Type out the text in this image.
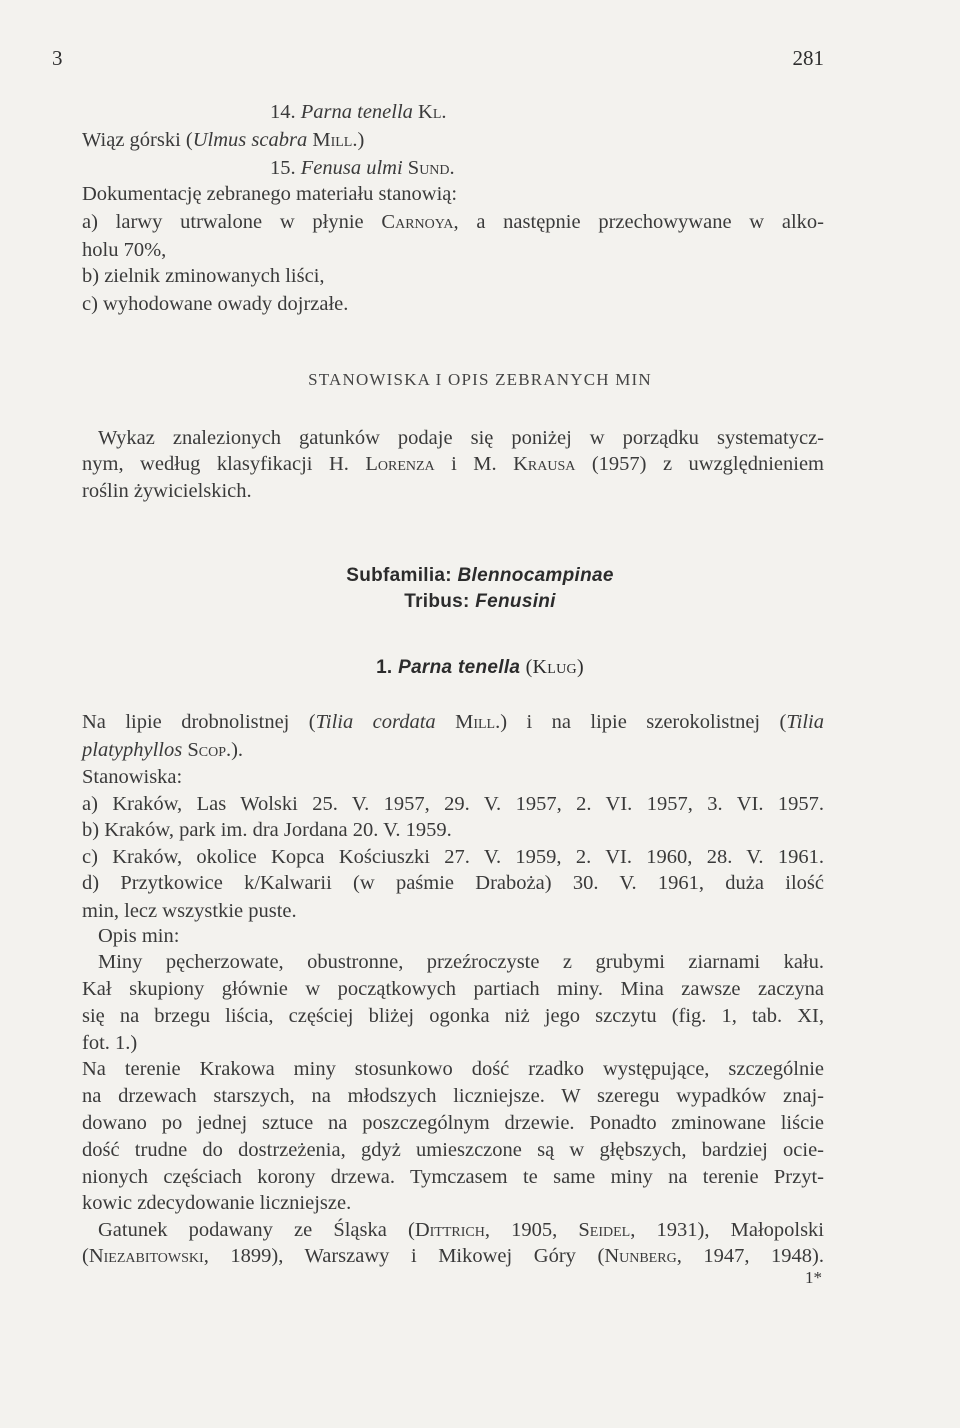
3	281
14. Parna tenella Kl.
Wiąz górski (Ulmus scabra Mill.)
15. Fenusa ulmi Sund.
Dokumentację zebranego materiału stanowią:
a) larwy utrwalone w płynie Carnoya, a następnie przechowywane w alko-
holu 70%,
b) zielnik zminowanych liści,
c) wyhodowane owady dojrzałe.
STANOWISKA I OPIS ZEBRANYCH MIN
Wykaz znalezionych gatunków podaje się poniżej w porządku systematycz-
nym, według klasyfikacji H. Lorenza i M. Krausa (1957) z uwzględnieniem
roślin żywicielskich.
Subfamilia: Blennocampinae
Tribus: Fenusini
1. Parna tenella (Klug)
Na lipie drobnolistnej (Tilia cordata Mill.) i na lipie szerokolistnej (Tilia
platyphyllos Scop.).
Stanowiska:
a) Kraków, Las Wolski 25. V. 1957, 29. V. 1957, 2. VI. 1957, 3. VI. 1957.
b) Kraków, park im. dra Jordana 20. V. 1959.
c) Kraków, okolice Kopca Kościuszki 27. V. 1959, 2. VI. 1960, 28. V. 1961.
d) Przytkowice k/Kalwarii (w paśmie Draboża) 30. V. 1961, duża ilość
min, lecz wszystkie puste.
Opis min:
Miny pęcherzowate, obustronne, przeźroczyste z grubymi ziarnami kału.
Kał skupiony głównie w początkowych partiach miny. Mina zawsze zaczyna
się na brzegu liścia, częściej bliżej ogonka niż jego szczytu (fig. 1, tab. XI,
fot. 1.)
Na terenie Krakowa miny stosunkowo dość rzadko występujące, szczególnie
na drzewach starszych, na młodszych liczniejsze. W szeregu wypadków znaj-
dowano po jednej sztuce na poszczególnym drzewie. Ponadto zminowane liście
dość trudne do dostrzeżenia, gdyż umieszczone są w głębszych, bardziej ocie-
nionych częściach korony drzewa. Tymczasem te same miny na terenie Przyt-
kowic zdecydowanie liczniejsze.
Gatunek podawany ze Śląska (Dittrich, 1905, Seidel, 1931), Małopolski
(Niezabitowski, 1899), Warszawy i Mikowej Góry (Nunberg, 1947, 1948).
1*
